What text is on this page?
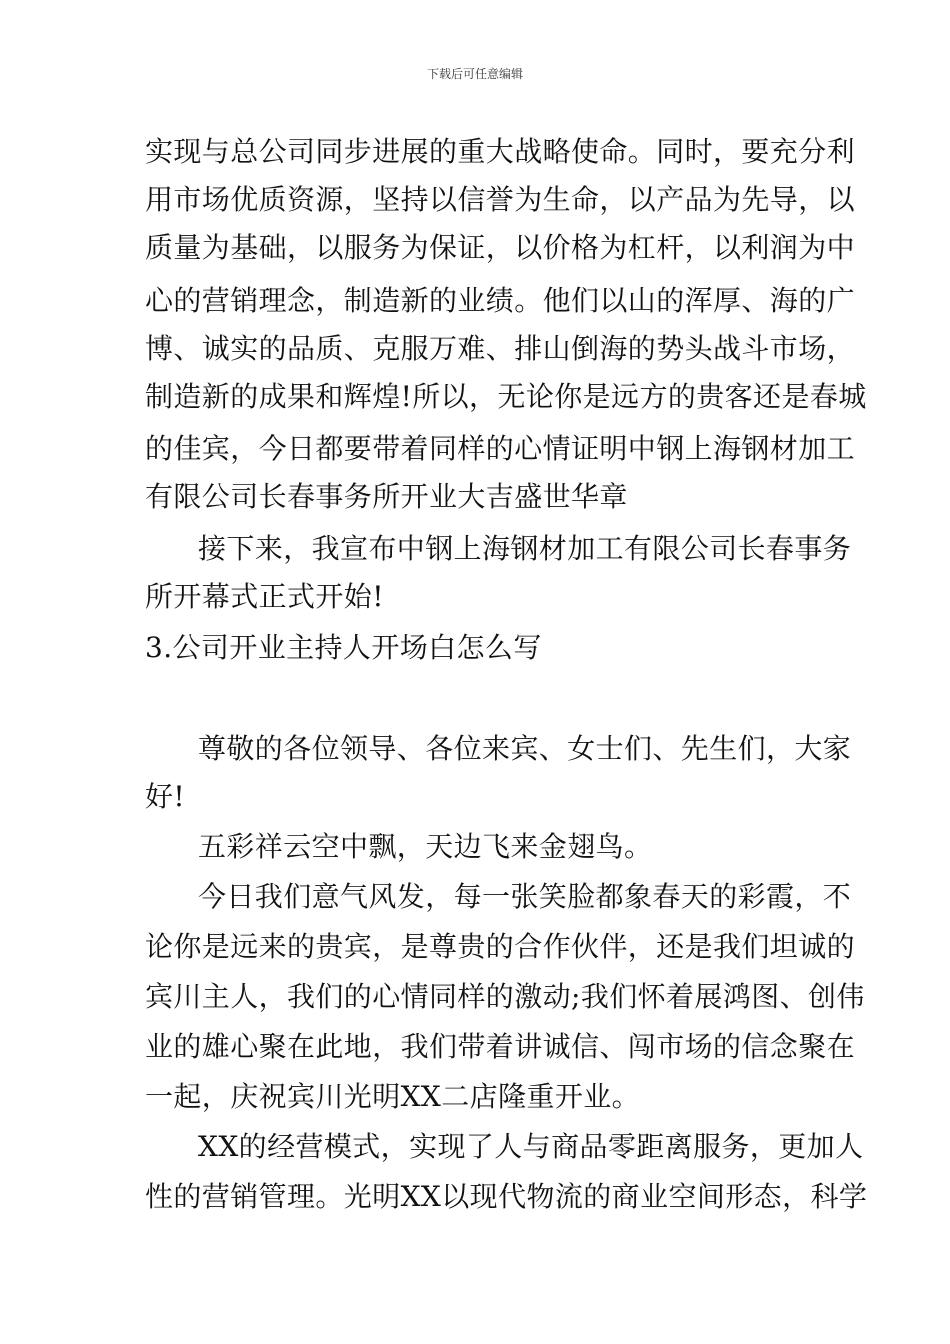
下载后可任意编辑
实现与总公司同步进展的重大战略使命。同时，要充分利
用市场优质资源，坚持以信誉为生命，以产品为先导，以
质量为基础，以服务为保证，以价格为杠杆，以利润为中
心的营销理念，制造新的业绩。他们以山的浑厚、海的广
博、诚实的品质、克服万难、排山倒海的势头战斗市场，
制造新的成果和辉煌!所以，无论你是远方的贵客还是春城
的佳宾，今日都要带着同样的心情证明中钢上海钢材加工
有限公司长春事务所开业大吉盛世华章
接下来，我宣布中钢上海钢材加工有限公司长春事务
所开幕式正式开始!
3.公司开业主持人开场白怎么写
尊敬的各位领导、各位来宾、女士们、先生们，大家
好!
五彩祥云空中飘，天边飞来金翅鸟。
今日我们意气风发，每一张笑脸都象春天的彩霞，不
论你是远来的贵宾，是尊贵的合作伙伴，还是我们坦诚的
宾川主人，我们的心情同样的激动;我们怀着展鸿图、创伟
业的雄心聚在此地，我们带着讲诚信、闯市场的信念聚在
一起，庆祝宾川光明XX二店隆重开业。
XX的经营模式，实现了人与商品零距离服务，更加人
性的营销管理。光明XX以现代物流的商业空间形态，科学
